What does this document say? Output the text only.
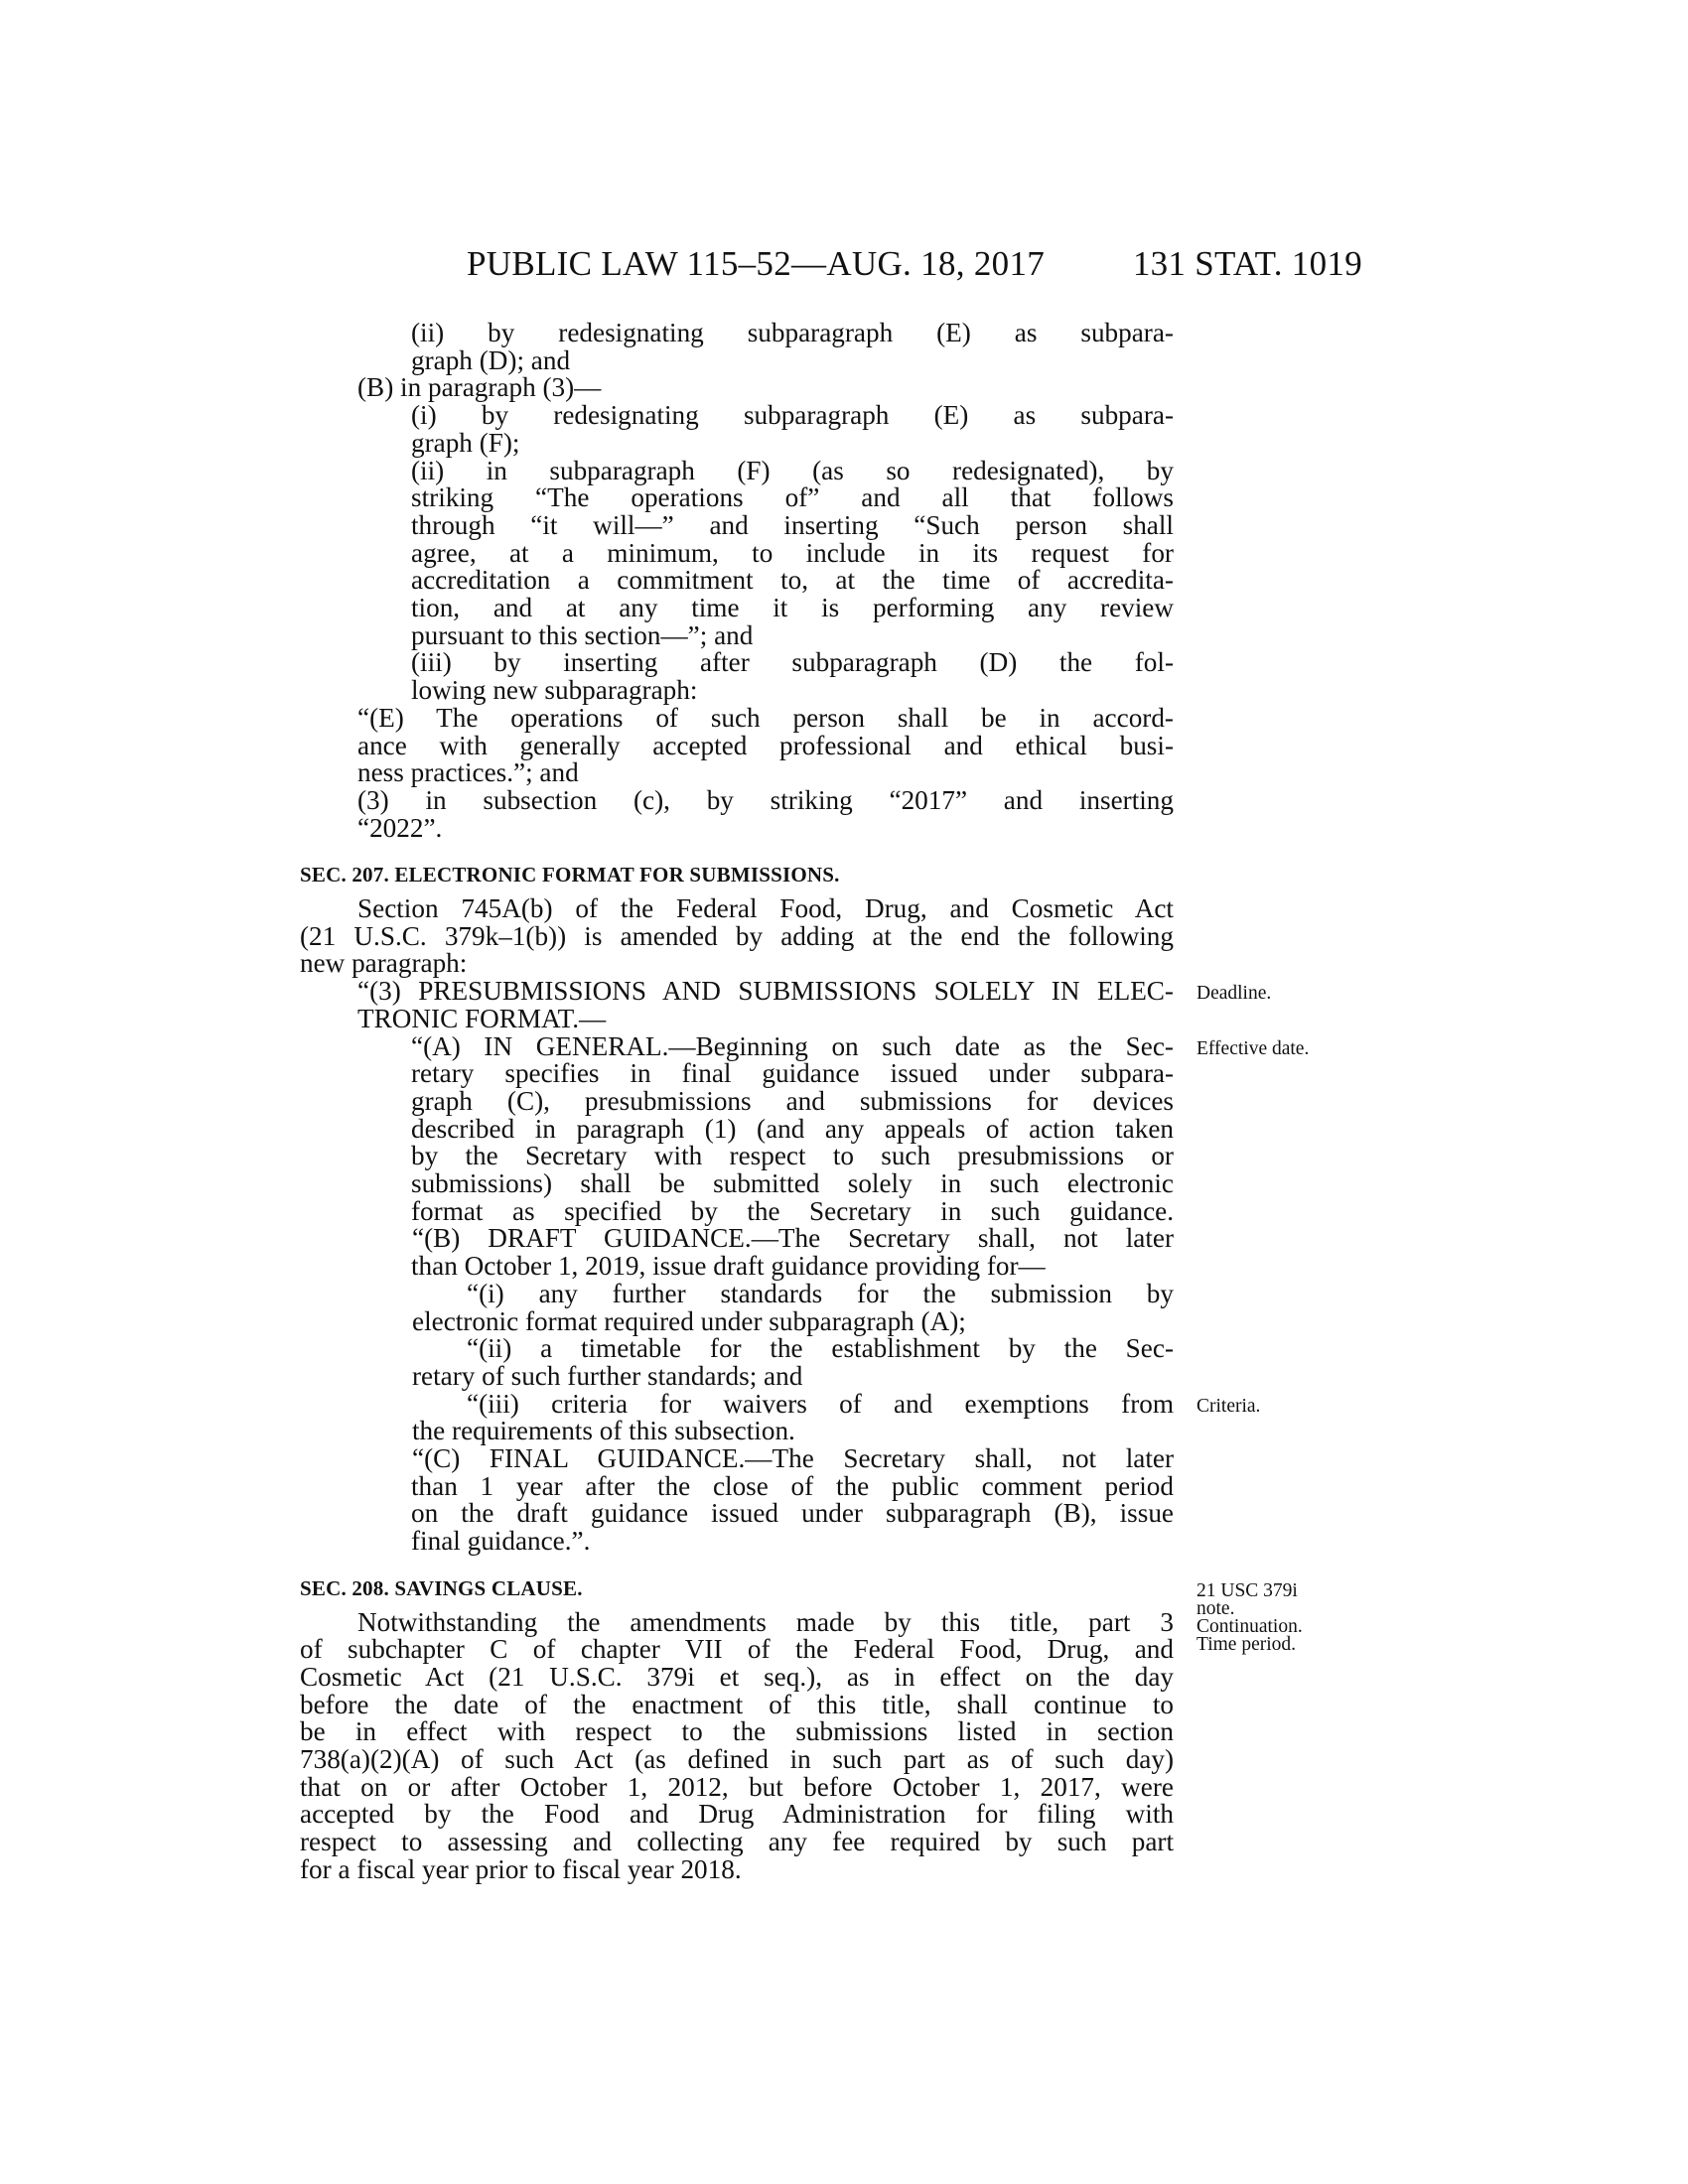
PUBLIC LAW 115–52—AUG. 18, 2017	131 STAT. 1019
(ii) by redesignating subparagraph (E) as subpara-
graph (D); and
(B) in paragraph (3)—
(i) by redesignating subparagraph (E) as subpara-
graph (F);
(ii) in subparagraph (F) (as so redesignated), by
striking “The operations of” and all that follows
through “it will—” and inserting “Such person shall
agree, at a minimum, to include in its request for
accreditation a commitment to, at the time of accredita-
tion, and at any time it is performing any review
pursuant to this section—”; and
(iii) by inserting after subparagraph (D) the fol-
lowing new subparagraph:
“(E) The operations of such person shall be in accord-
ance with generally accepted professional and ethical busi-
ness practices.”; and
(3) in subsection (c), by striking “2017” and inserting
“2022”.
SEC. 207. ELECTRONIC FORMAT FOR SUBMISSIONS.
Section 745A(b) of the Federal Food, Drug, and Cosmetic Act
(21 U.S.C. 379k–1(b)) is amended by adding at the end the following
new paragraph:
“(3) PRESUBMISSIONS AND SUBMISSIONS SOLELY IN ELEC-
TRONIC FORMAT.—
“(A) IN GENERAL.—Beginning on such date as the Sec-
retary specifies in final guidance issued under subpara-
graph (C), presubmissions and submissions for devices
described in paragraph (1) (and any appeals of action taken
by the Secretary with respect to such presubmissions or
submissions) shall be submitted solely in such electronic
format as specified by the Secretary in such guidance.
“(B) DRAFT GUIDANCE.—The Secretary shall, not later
than October 1, 2019, issue draft guidance providing for—
“(i) any further standards for the submission by
electronic format required under subparagraph (A);
“(ii) a timetable for the establishment by the Sec-
retary of such further standards; and
“(iii) criteria for waivers of and exemptions from
the requirements of this subsection.
“(C) FINAL GUIDANCE.—The Secretary shall, not later
than 1 year after the close of the public comment period
on the draft guidance issued under subparagraph (B), issue
final guidance.”.
SEC. 208. SAVINGS CLAUSE.
Notwithstanding the amendments made by this title, part 3
of subchapter C of chapter VII of the Federal Food, Drug, and
Cosmetic Act (21 U.S.C. 379i et seq.), as in effect on the day
before the date of the enactment of this title, shall continue to
be in effect with respect to the submissions listed in section
738(a)(2)(A) of such Act (as defined in such part as of such day)
that on or after October 1, 2012, but before October 1, 2017, were
accepted by the Food and Drug Administration for filing with
respect to assessing and collecting any fee required by such part
for a fiscal year prior to fiscal year 2018.
Deadline.
Effective date.
Criteria.
21 USC 379i
note.
Continuation.
Time period.
